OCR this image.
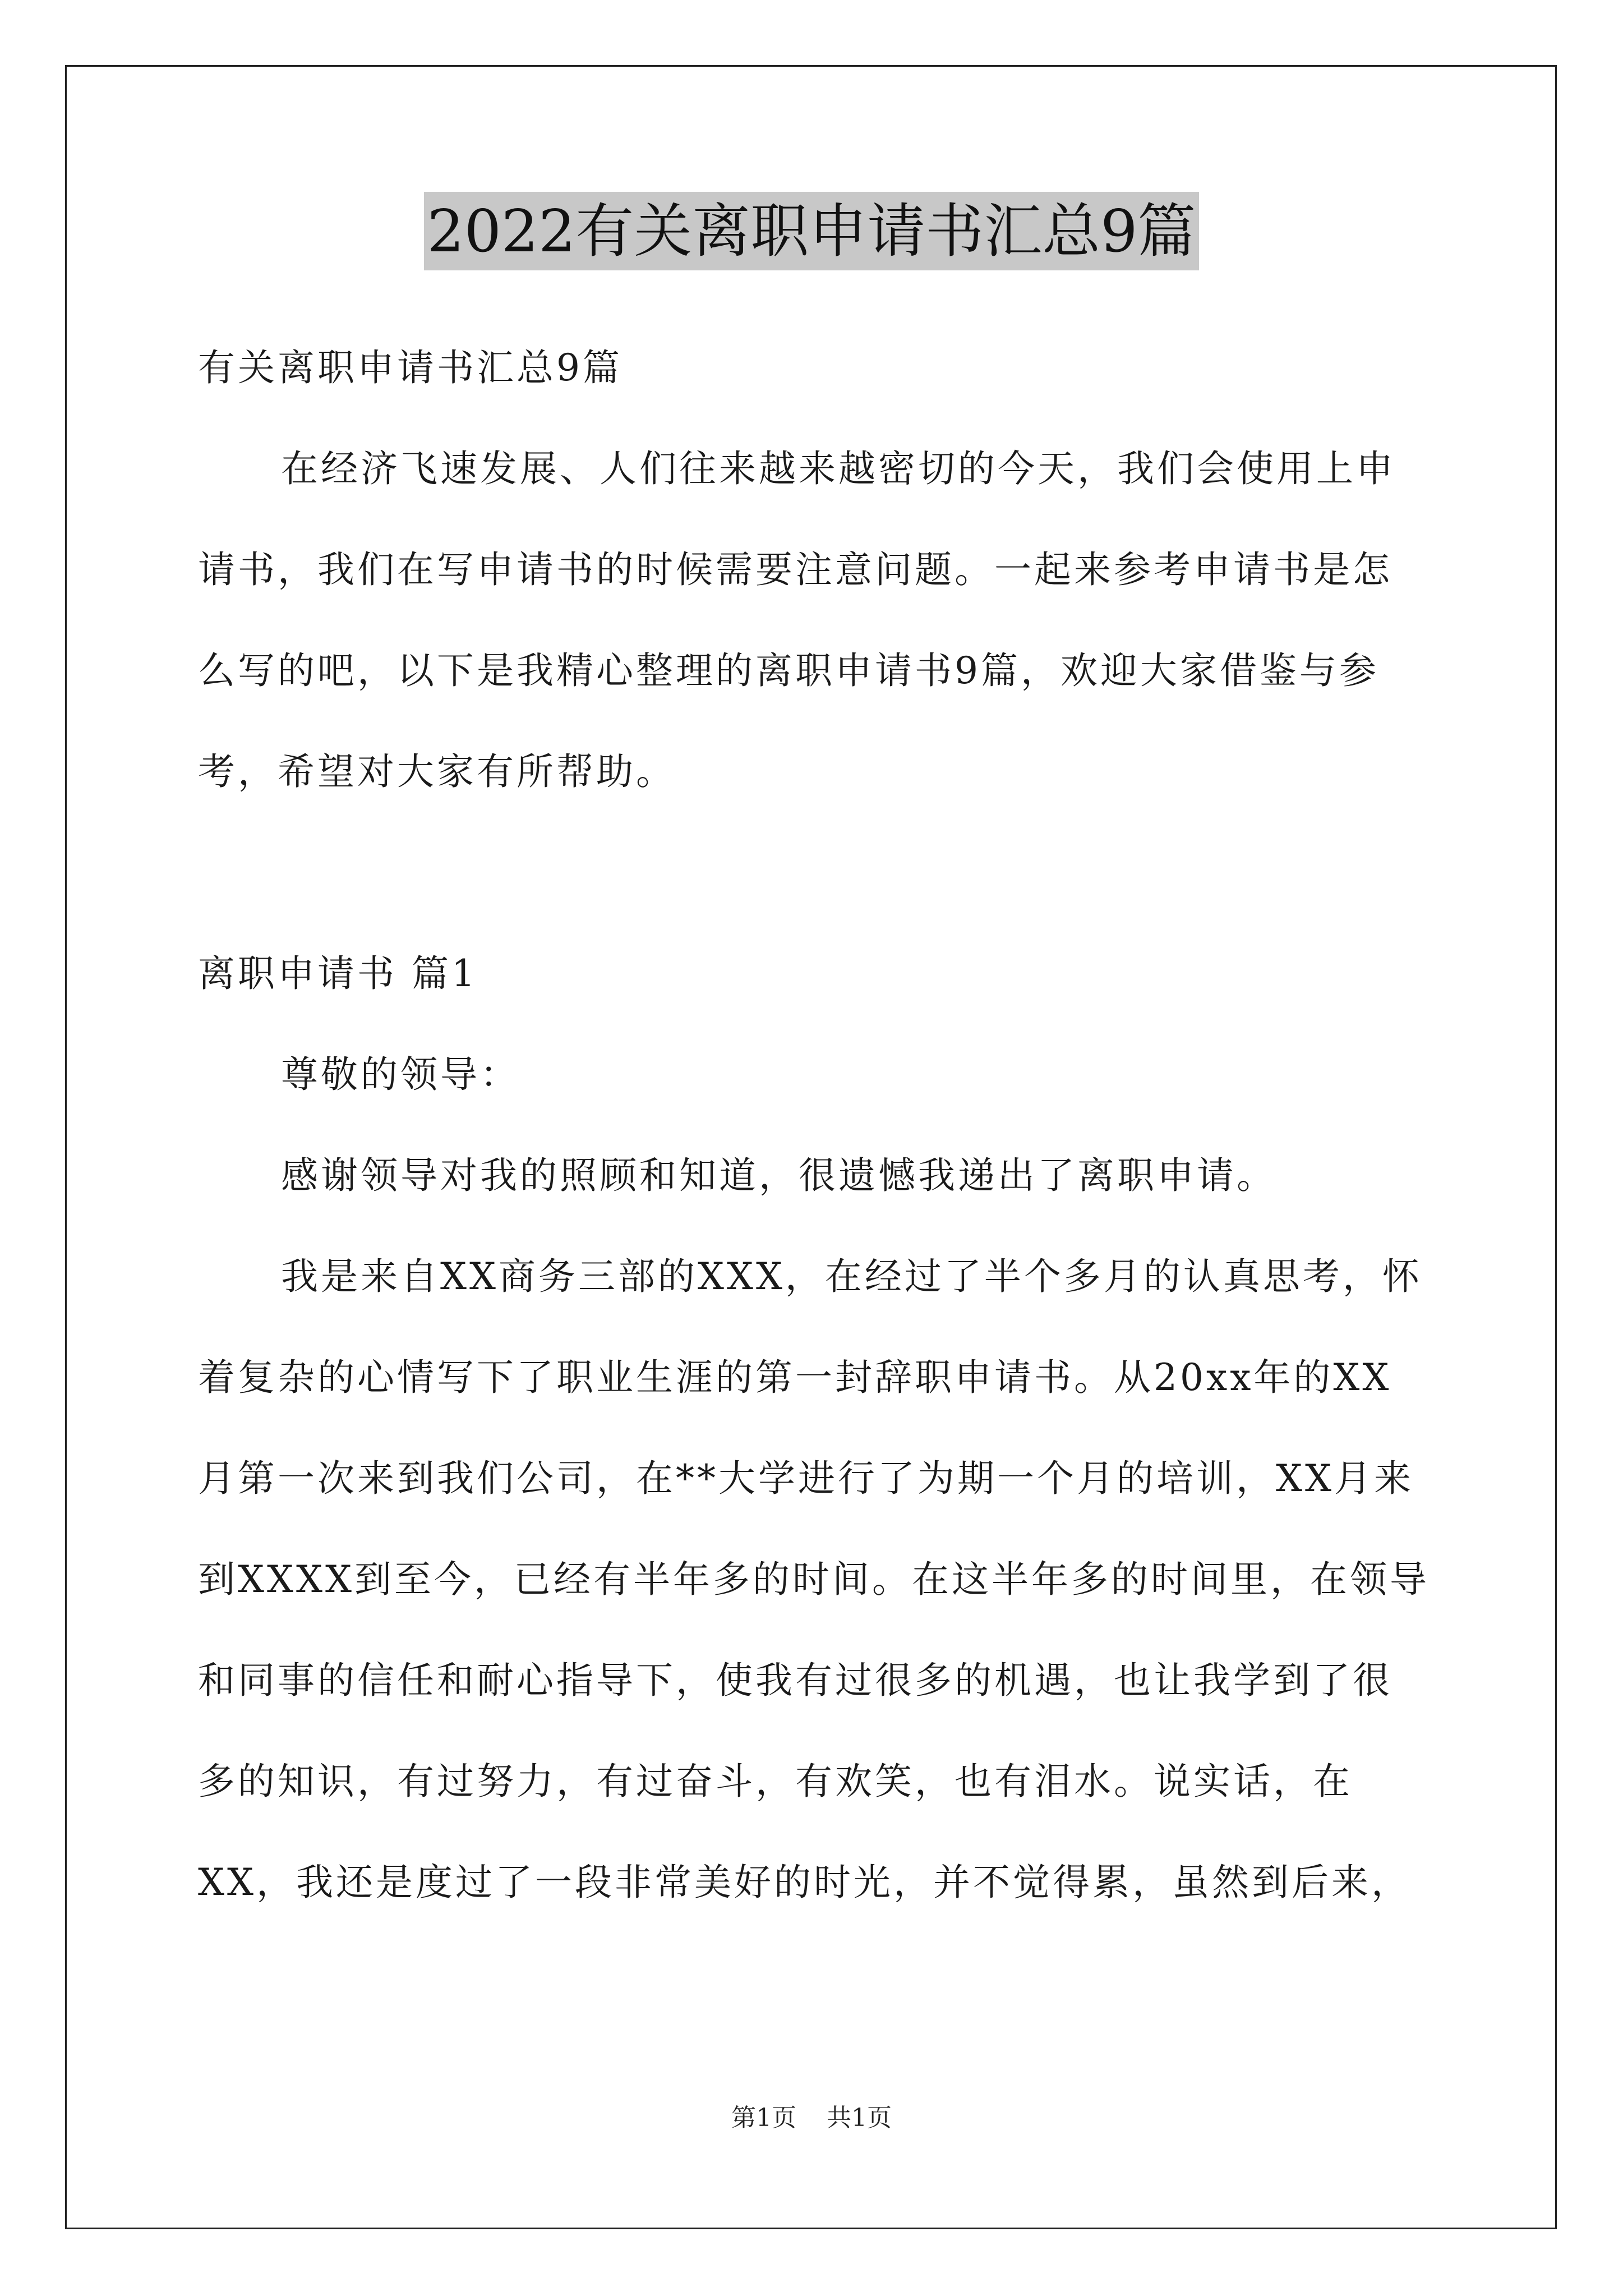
2022有关离职申请书汇总9篇
有关离职申请书汇总9篇
在经济飞速发展、人们往来越来越密切的今天，我们会使用上申
请书，我们在写申请书的时候需要注意问题。一起来参考申请书是怎
么写的吧，以下是我精心整理的离职申请书9篇，欢迎大家借鉴与参
考，希望对大家有所帮助。
离职申请书 篇1
尊敬的领导：
感谢领导对我的照顾和知道，很遗憾我递出了离职申请。
我是来自XX商务三部的XXX，在经过了半个多月的认真思考，怀
着复杂的心情写下了职业生涯的第一封辞职申请书。从20xx年的XX
月第一次来到我们公司，在**大学进行了为期一个月的培训，XX月来
到XXXX到至今，已经有半年多的时间。在这半年多的时间里，在领导
和同事的信任和耐心指导下，使我有过很多的机遇，也让我学到了很
多的知识，有过努力，有过奋斗，有欢笑，也有泪水。说实话，在
XX，我还是度过了一段非常美好的时光，并不觉得累，虽然到后来，
第1页 共1页
